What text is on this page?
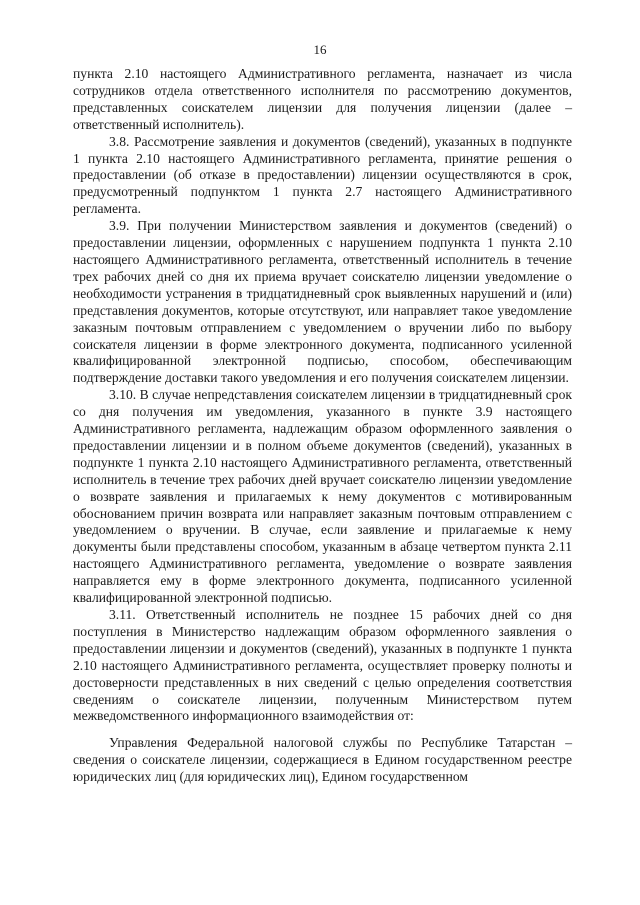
16

пункта 2.10 настоящего Административного регламента, назначает из числа сотрудников отдела ответственного исполнителя по рассмотрению документов, представленных соискателем лицензии для получения лицензии (далее – ответственный исполнитель).

3.8. Рассмотрение заявления и документов (сведений), указанных в подпункте 1 пункта 2.10 настоящего Административного регламента, принятие решения о предоставлении (об отказе в предоставлении) лицензии осуществляются в срок, предусмотренный подпунктом 1 пункта 2.7 настоящего Административного регламента.

3.9. При получении Министерством заявления и документов (сведений) о предоставлении лицензии, оформленных с нарушением подпункта 1 пункта 2.10 настоящего Административного регламента, ответственный исполнитель в течение трех рабочих дней со дня их приема вручает соискателю лицензии уведомление о необходимости устранения в тридцатидневный срок выявленных нарушений и (или) представления документов, которые отсутствуют, или направляет такое уведомление заказным почтовым отправлением с уведомлением о вручении либо по выбору соискателя лицензии в форме электронного документа, подписанного усиленной квалифицированной электронной подписью, способом, обеспечивающим подтверждение доставки такого уведомления и его получения соискателем лицензии.

3.10. В случае непредставления соискателем лицензии в тридцатидневный срок со дня получения им уведомления, указанного в пункте 3.9 настоящего Административного регламента, надлежащим образом оформленного заявления о предоставлении лицензии и в полном объеме документов (сведений), указанных в подпункте 1 пункта 2.10 настоящего Административного регламента, ответственный исполнитель в течение трех рабочих дней вручает соискателю лицензии уведомление о возврате заявления и прилагаемых к нему документов с мотивированным обоснованием причин возврата или направляет заказным почтовым отправлением с уведомлением о вручении. В случае, если заявление и прилагаемые к нему документы были представлены способом, указанным в абзаце четвертом пункта 2.11 настоящего Административного регламента, уведомление о возврате заявления направляется ему в форме электронного документа, подписанного усиленной квалифицированной электронной подписью.

3.11. Ответственный исполнитель не позднее 15 рабочих дней со дня поступления в Министерство надлежащим образом оформленного заявления о предоставлении лицензии и документов (сведений), указанных в подпункте 1 пункта 2.10 настоящего Административного регламента, осуществляет проверку полноты и достоверности представленных в них сведений с целью определения соответствия сведениям о соискателе лицензии, полученным Министерством путем межведомственного информационного взаимодействия от:

Управления Федеральной налоговой службы по Республике Татарстан – сведения о соискателе лицензии, содержащиеся в Едином государственном реестре юридических лиц (для юридических лиц), Едином государственном
